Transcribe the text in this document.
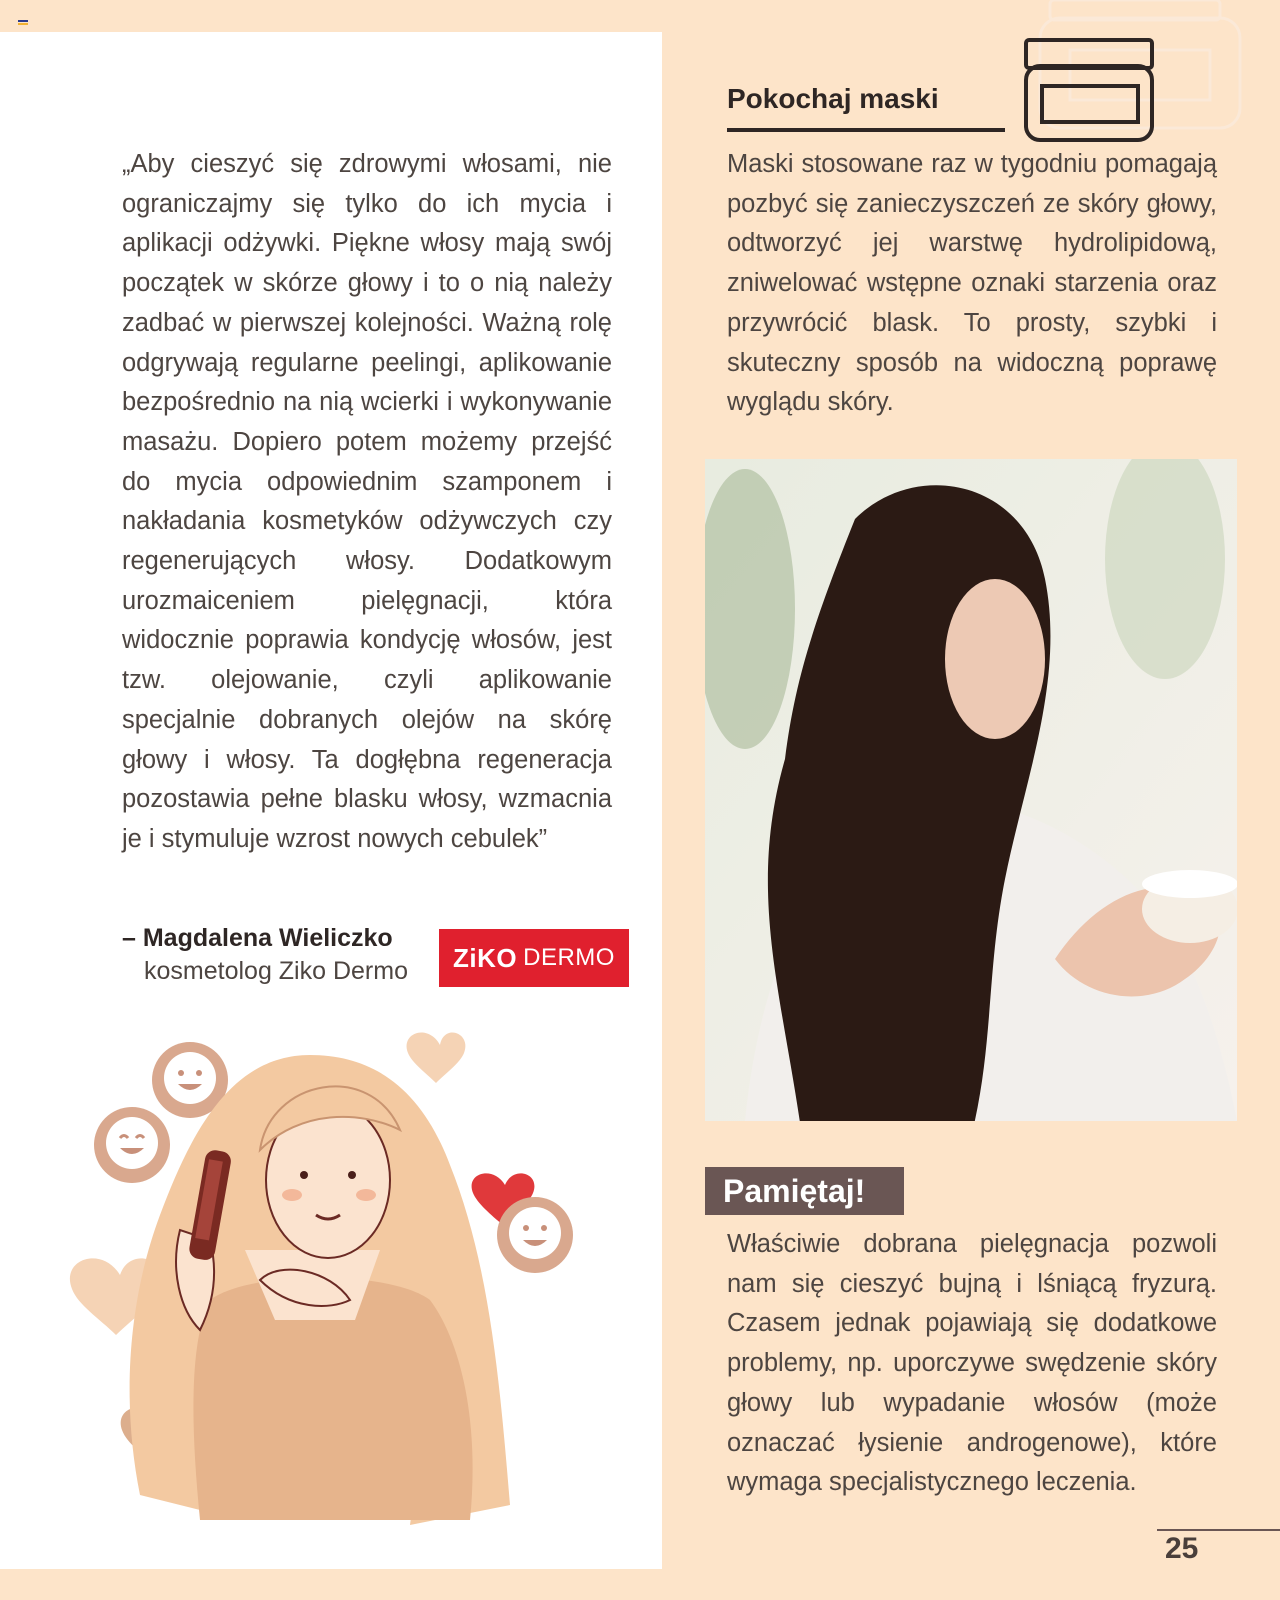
„Aby cieszyć się zdrowymi włosami, nie ograniczajmy się tylko do ich mycia i aplikacji odżywki. Piękne włosy mają swój początek w skórze głowy i to o nią należy zadbać w pierwszej kolejności. Ważną rolę odgrywają regularne peelingi, aplikowanie bezpośrednio na nią wcierki i wykonywanie masażu. Dopiero potem możemy przejść do mycia odpowiednim szamponem i nakładania kosmetyków odżywczych czy regenerujących włosy. Dodatkowym urozmaiceniem pielęgnacji, która widocznie poprawia kondycję włosów, jest tzw. olejowanie, czyli aplikowanie specjalnie dobranych olejów na skórę głowy i włosy. Ta dogłębna regeneracja pozostawia pełne blasku włosy, wzmacnia je i stymuluje wzrost nowych cebulek”

– Magdalena Wieliczko
kosmetolog Ziko Dermo ZiKO DERMO
Pokochaj maski

Maski stosowane raz w tygodniu pomagają pozbyć się zanieczyszczeń ze skóry głowy, odtworzyć jej warstwę hydrolipidową, zniwelować wstępne oznaki starzenia oraz przywrócić blask. To prosty, szybki i skuteczny sposób na widoczną poprawę wyglądu skóry.

Pamiętaj!

Właściwie dobrana pielęgnacja pozwoli nam się cieszyć bujną i lśniącą fryzurą. Czasem jednak pojawiają się dodatkowe problemy, np. uporczywe swędzenie skóry głowy lub wypadanie włosów (może oznaczać łysienie androgenowe), które wymaga specjalistycznego leczenia.

25
